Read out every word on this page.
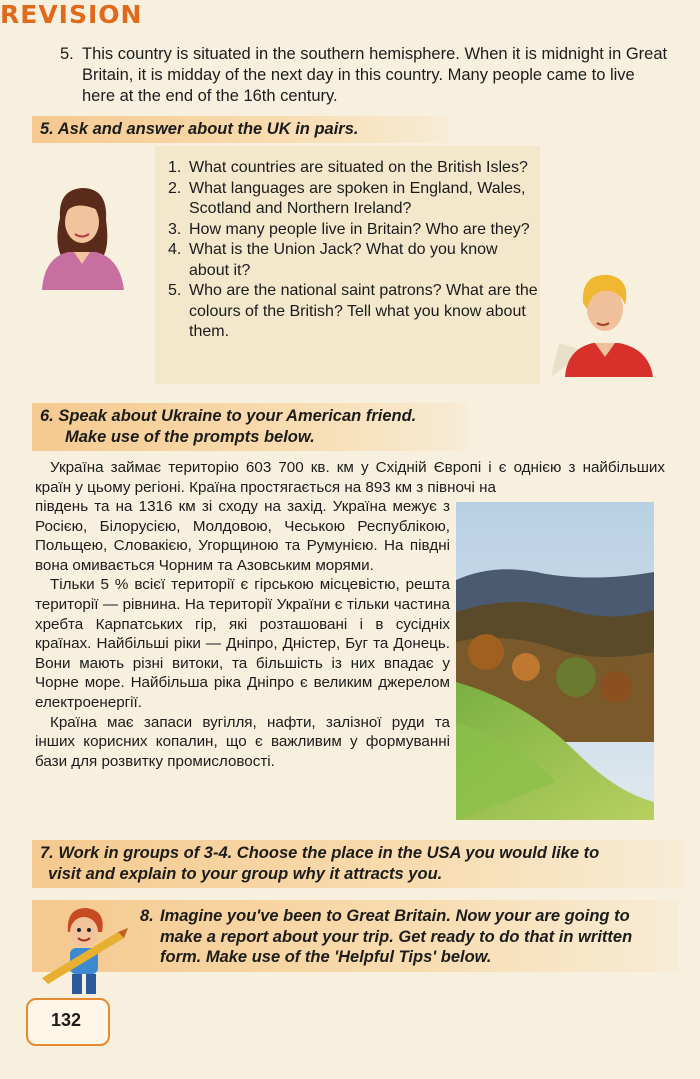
REVISION
5. This country is situated in the southern hemisphere. When it is midnight in Great Britain, it is midday of the next day in this country. Many people came to live here at the end of the 16th century.
5. Ask and answer about the UK in pairs.
1. What countries are situated on the British Isles?
2. What languages are spoken in England, Wales, Scotland and Northern Ireland?
3. How many people live in Britain? Who are they?
4. What is the Union Jack? What do you know about it?
5. Who are the national saint patrons? What are the colours of the British? Tell what you know about them.
6. Speak about Ukraine to your American friend.
Make use of the prompts below.
Україна займає територію 603 700 кв. км у Східній Європі і є однією з найбільших країн у цьому регіоні. Країна простягається на 893 км з півночі на
південь та на 1316 км зі сходу на захід. Україна межує з Росією, Білорусією, Молдовою, Чеською Республікою, Польщею, Словакією, Угорщиною та Румунією. На півдні вона омивається Чорним та Азовським морями.
Тільки 5 % всієї території є гірською місцевістю, решта території — рівнина. На території України є тільки частина хребта Карпатських гір, які розташовані і в сусідніх країнах. Найбільші ріки — Дніпро, Дністер, Буг та Донець. Вони мають різні витоки, та більшість із них впадає у Чорне море. Найбільша ріка Дніпро є великим джерелом електроенергії.
Країна має запаси вугілля, нафти, залізної руди та інших корисних копалин, що є важливим у формуванні бази для розвитку промисловості.
7. Work in groups of 3-4. Choose the place in the USA you would like to
visit and explain to your group why it attracts you.
8. Imagine you've been to Great Britain. Now your are going to make a report about your trip. Get ready to do that in written form. Make use of the 'Helpful Tips' below.
132
